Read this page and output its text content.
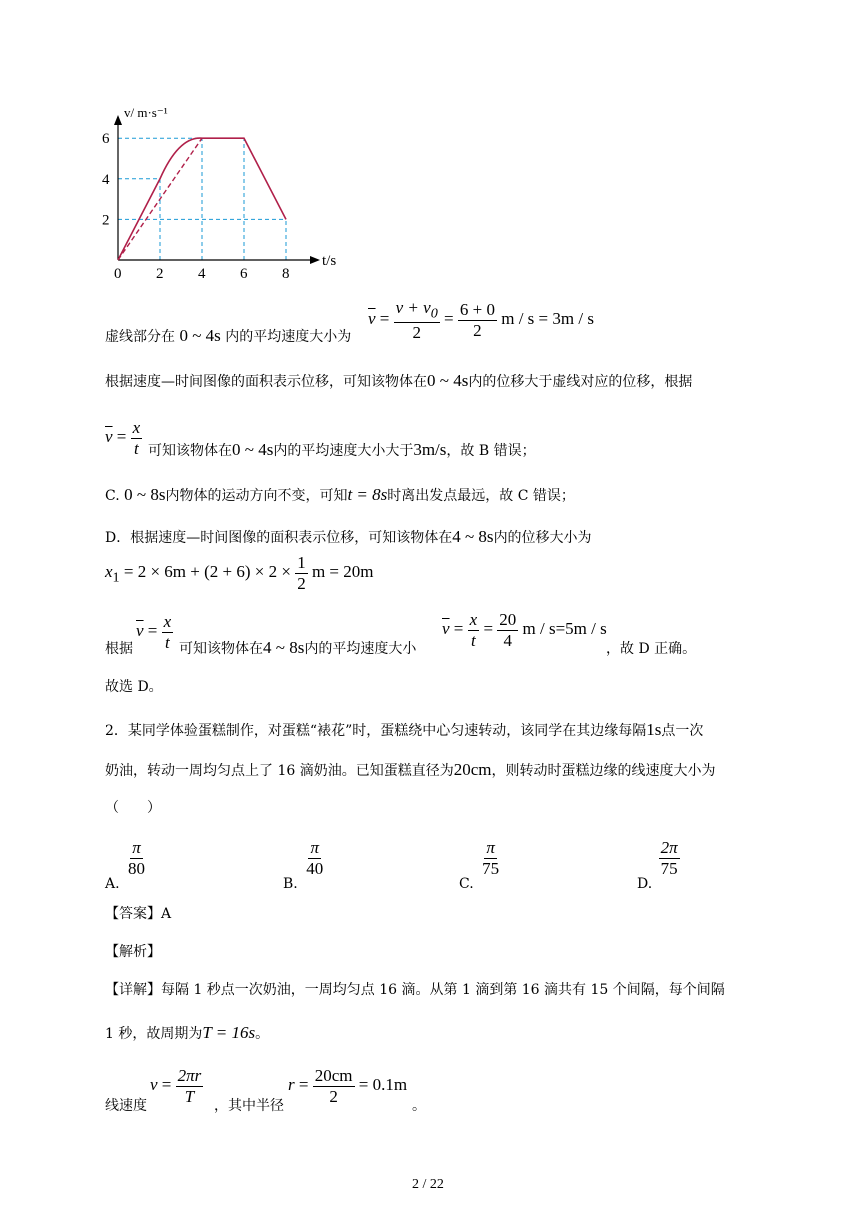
6
4
2
0 2 4 6 8
v/ m·s⁻¹
t/s
虚线部分在 0 ~ 4s 内的平均速度大小为
$\overline{v} = \frac{v + v_0}{2} = \frac{6 + 0}{2}$ m / s = 3m / s
根据速度—时间图像的面积表示位移，可知该物体在0 ~ 4s内的位移大于虚线对应的位移，根据
$\overline{v} = \frac{x}{t}$ 可知该物体在0 ~ 4s内的平均速度大小大于3m/s，故 B 错误；
C. 0 ~ 8s内物体的运动方向不变，可知t = 8s时离出发点最远，故 C 错误；
D．根据速度—时间图像的面积表示位移，可知该物体在4 ~ 8s内的位移大小为
$x_1 = 2 \times 6m + (2 + 6) \times 2 \times \frac{1}{2}$ m = 20m
根据
$\overline{v} = \frac{x}{t}$ 可知该物体在4 ~ 8s内的平均速度大小
$\overline{v} = \frac{x}{t} = \frac{20}{4}$ m / s=5m / s
，故 D 正确。
故选 D。
2．某同学体验蛋糕制作，对蛋糕“裱花”时，蛋糕绕中心匀速转动，该同学在其边缘每隔1s点一次
奶油，转动一周均匀点上了 16 滴奶油。已知蛋糕直径为20cm，则转动时蛋糕边缘的线速度大小为
（　　）
A.
$\frac{\pi}{80}$
B.
$\frac{\pi}{40}$
C.
$\frac{\pi}{75}$
D.
$\frac{2\pi}{75}$
【答案】A
【解析】
【详解】每隔 1 秒点一次奶油，一周均匀点 16 滴。从第 1 滴到第 16 滴共有 15 个间隔，每个间隔
1 秒，故周期为T = 16s。
线速度
$v = \frac{2\pi r}{T}$ ，其中半径
$r = \frac{20cm}{2} = 0.1m$
。
2 / 22
